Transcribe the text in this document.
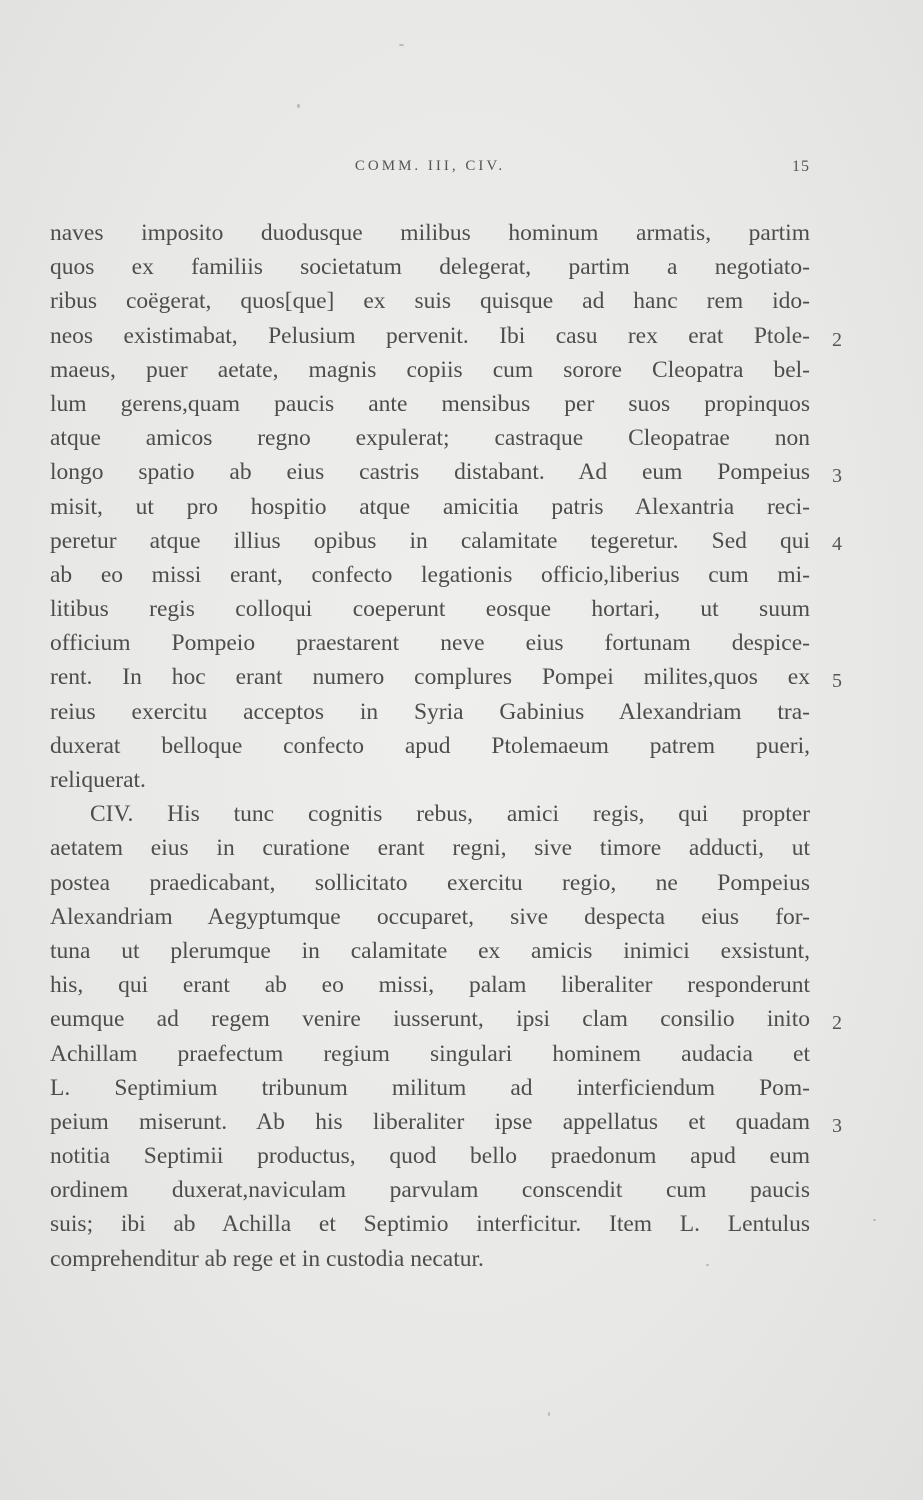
COMM. III, CIV.	15
naves imposito duodusque milibus hominum armatis, partim
quos ex familiis societatum delegerat, partim a negotiato-
ribus coëgerat, quos[que] ex suis quisque ad hanc rem ido-
neos existimabat, Pelusium pervenit. Ibi casu rex erat Ptole-
maeus, puer aetate, magnis copiis cum sorore Cleopatra bel-
lum gerens,quam paucis ante mensibus per suos propinquos
atque amicos regno expulerat; castraque Cleopatrae non
longo spatio ab eius castris distabant. Ad eum Pompeius
misit, ut pro hospitio atque amicitia patris Alexantria reci-
peretur atque illius opibus in calamitate tegeretur. Sed qui
ab eo missi erant, confecto legationis officio,liberius cum mi-
litibus regis colloqui coeperunt eosque hortari, ut suum
officium Pompeio praestarent neve eius fortunam despice-
rent. In hoc erant numero complures Pompei milites,quos ex
reius exercitu acceptos in Syria Gabinius Alexandriam tra-
duxerat belloque confecto apud Ptolemaeum patrem pueri,
reliquerat.
CIV. His tunc cognitis rebus, amici regis, qui propter
aetatem eius in curatione erant regni, sive timore adducti, ut
postea praedicabant, sollicitato exercitu regio, ne Pompeius
Alexandriam Aegyptumque occuparet, sive despecta eius for-
tuna ut plerumque in calamitate ex amicis inimici exsistunt,
his, qui erant ab eo missi, palam liberaliter responderunt
eumque ad regem venire iusserunt, ipsi clam consilio inito
Achillam praefectum regium singulari hominem audacia et
L. Septimium tribunum militum ad interficiendum Pom-
peium miserunt. Ab his liberaliter ipse appellatus et quadam
notitia Septimii productus, quod bello praedonum apud eum
ordinem duxerat,naviculam parvulam conscendit cum paucis
suis; ibi ab Achilla et Septimio interficitur. Item L. Lentulus
comprehenditur ab rege et in custodia necatur.
2
3
4
5
2
3
